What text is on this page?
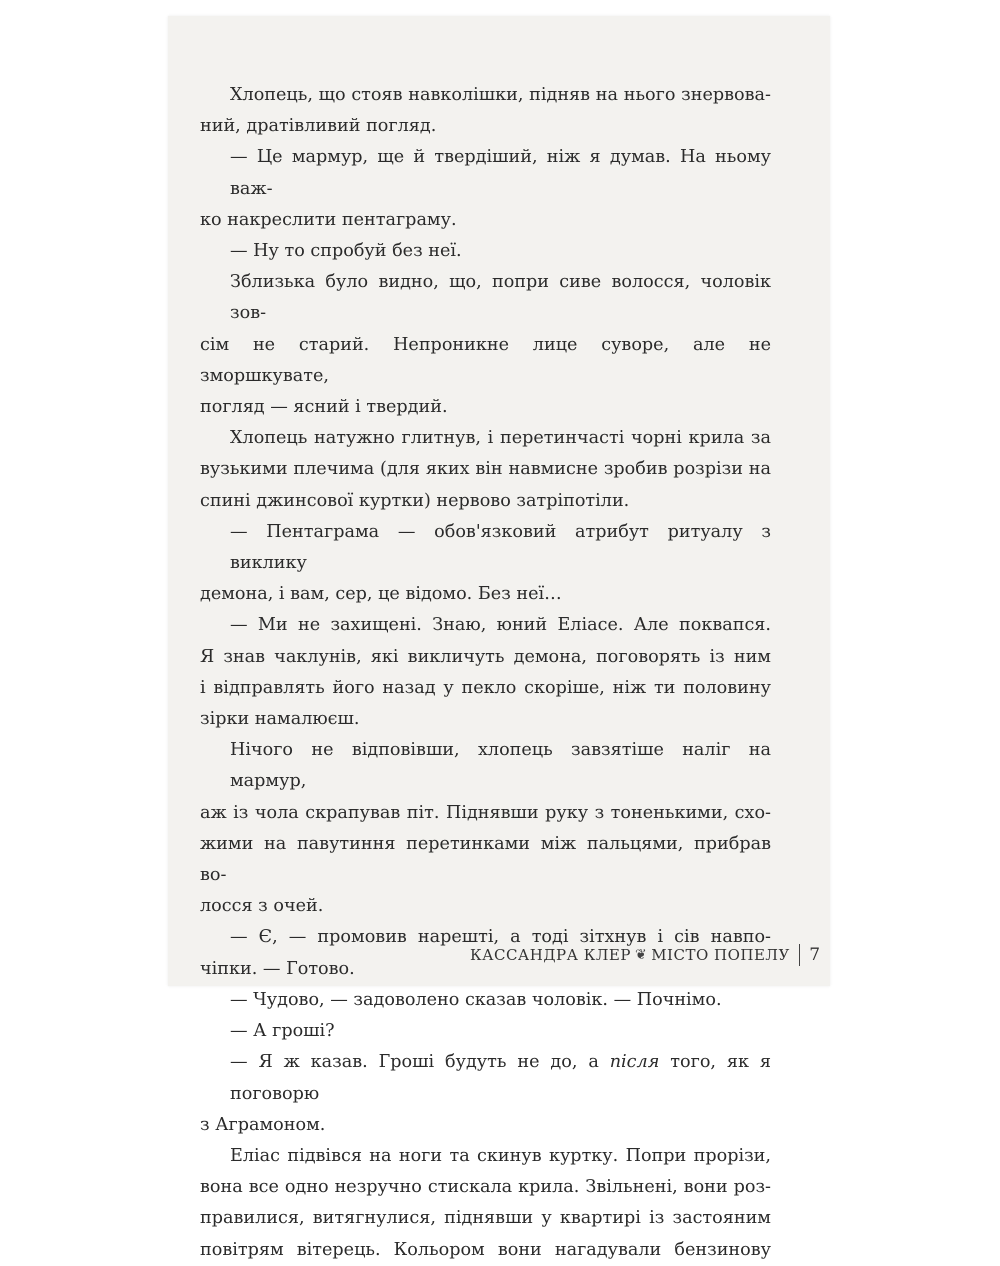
Хлопець, що стояв навколішки, підняв на нього знервова-
ний, дратівливий погляд.
— Це мармур, ще й твердіший, ніж я думав. На ньому важ-
ко накреслити пентаграму.
— Ну то спробуй без неї.
Зблизька було видно, що, попри сиве волосся, чоловік зов-
сім не старий. Непроникне лице суворе, але не зморшкувате,
погляд — ясний і твердий.
Хлопець натужно глитнув, і перетинчасті чорні крила за
вузькими плечима (для яких він навмисне зробив розрізи на
спині джинсової куртки) нервово затріпотіли.
— Пентаграма — обов'язковий атрибут ритуалу з виклику
демона, і вам, сер, це відомо. Без неї…
— Ми не захищені. Знаю, юний Еліасе. Але поквапся.
Я знав чаклунів, які викличуть демона, поговорять із ним
і відправлять його назад у пекло скоріше, ніж ти половину
зірки намалюєш.
Нічого не відповівши, хлопець завзятіше наліг на мармур,
аж із чола скрапував піт. Піднявши руку з тоненькими, схо-
жими на павутиння перетинками між пальцями, прибрав во-
лосся з очей.
— Є, — промовив нарешті, а тоді зітхнув і сів навпо-
чіпки. — Готово.
— Чудово, — задоволено сказав чоловік. — Почнімо.
— А гроші?
— Я ж казав. Гроші будуть не до, а після того, як я поговорю
з Аграмоном.
Еліас підвівся на ноги та скинув куртку. Попри прорізи,
вона все одно незручно стискала крила. Звільнені, вони роз-
правилися, витягнулися, піднявши у квартирі із застояним
повітрям вітерець. Кольором вони нагадували бензинову
КАССАНДРА КЛЕР ❦ МІСТО ПОПЕЛУ 7
